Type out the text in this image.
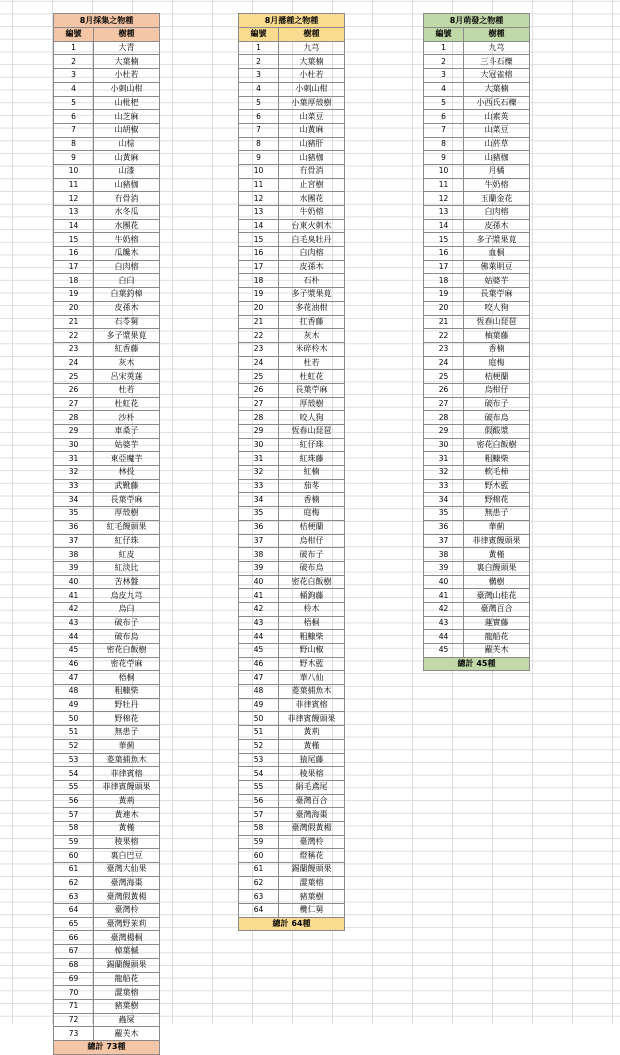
8月採集之物種	
編號	樹種
1	大青
2	大葉楠
3	小杜若
4	小刺山柑
5	山枇杷
6	山芝麻
7	山胡椒
8	山棕
9	山黃麻
10	山漆
11	山豬枷
12	冇骨消
13	水冬瓜
14	水團花
15	牛奶榕
16	瓜饞木
17	白肉榕
18	白臼
19	白葉釣樟
20	皮孫木
21	石苓舅
22	多子漿果莧
23	紅香藤
24	灰木
25	呂宋莢蒾
26	杜若
27	杜虹花
28	沙朴
29	車桑子
30	姑婆芋
31	東亞魔芋
32	林投
33	武靴藤
34	長葉苧麻
35	厚殼樹
36	紅毛饅頭果
37	紅仔珠
38	紅皮
39	紅淡比
40	苦林盤
41	烏皮九芎
42	烏臼
43	破布子
44	破布烏
45	密花白飯樹
46	密花苧麻
47	梧桐
48	粗糠柴
49	野牡丹
50	野棉花
51	無患子
52	華薊
53	菱葉捕魚木
54	菲律賓榕
55	菲律賓饅頭果
56	黃荊
57	黃連木
58	黃槿
59	稜果榕
60	裏白巴豆
61	臺灣大仙果
62	臺灣海棗
63	臺灣假黃楊
64	臺灣柃
65	臺灣野茉莉
66	臺灣楊桐
67	樟葉槭
68	錫蘭饅頭果
69	龍船花
70	澀葉榕
71	豬葉樹
72	蟲屎
73	蘿芙木
總計 73種	
8月播種之物種	
編號	樹種
1	九芎
2	大葉楠
3	小杜若
4	小刺山柑
5	小葉厚殼樹
6	山菜豆
7	山黃麻
8	山豬肝
9	山豬枷
10	冇骨消
11	止宮樹
12	水團花
13	牛奶榕
14	台東火刺木
15	白毛臭牡丹
16	白肉榕
17	皮孫木
18	石朴
19	多子漿果莧
20	多花油柑
21	扛香藤
22	灰木
23	米碎柃木
24	杜若
25	杜虹花
26	長葉苧麻
27	厚殼樹
28	咬人狗
29	恆春山琵琶
30	紅仔珠
31	紅珠藤
32	紅楠
33	茄苳
34	香楠
35	庭梅
36	桔梗蘭
37	烏柑仔
38	破布子
39	破布烏
40	密花白飯樹
41	桶鉤藤
42	柃木
43	梧桐
44	粗糠柴
45	野山椒
46	野木藍
47	華八仙
48	菱葉捕魚木
49	菲律賓榕
50	菲律賓饅頭果
51	黃荊
52	黃槿
53	猿尾藤
54	稜果榕
55	絹毛鳶尾
56	臺灣百合
57	臺灣海棗
58	臺灣假黃楊
59	臺灣柃
60	燈稱花
61	錫蘭饅頭果
62	澀葉榕
63	豬葉樹
64	欖仁舅
總計 64種	
8月萌發之物種	
編號	樹種
1	九芎
2	三斗石櫟
3	大冠雀榕
4	大葉楠
5	小西氏石櫟
6	山素英
7	山菜豆
8	山菸草
9	山豬枷
10	月橘
11	牛奶榕
12	玉蘭金花
13	白肉榕
14	皮孫木
15	多子漿果莧
16	血桐
17	佛萊明豆
18	姑婆芋
19	長葉苧麻
20	咬人狗
21	恆春山琵琶
22	柚葉藤
23	香楠
24	庭梅
25	桔梗蘭
26	烏柑仔
27	破布子
28	破布烏
29	假酸漿
30	密花白飯樹
31	粗糠柴
32	軟毛柿
33	野木藍
34	野棉花
35	無患子
36	華薊
37	菲律賓饅頭果
38	黃槿
39	裏白饅頭果
40	構樹
41	臺灣山桂花
42	臺灣百合
43	蓮實藤
44	龍船花
45	蘿芙木
總計 45種	
